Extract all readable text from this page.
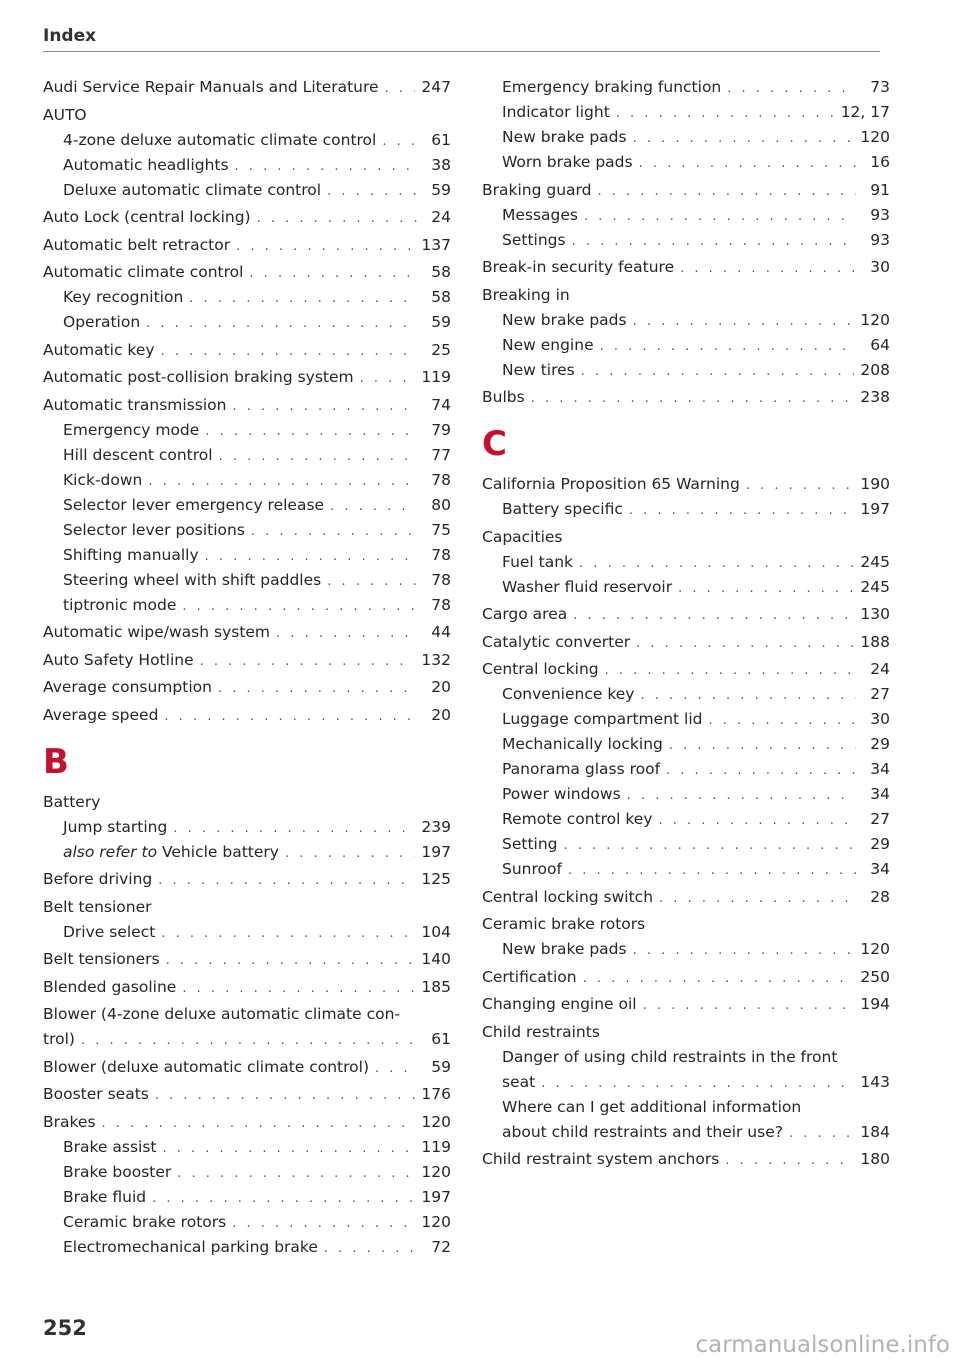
Index
Audi Service Repair Manuals and Literature . . .	247
AUTO
4-zone deluxe automatic climate control . . .	61
Automatic headlights . . .	38
Deluxe automatic climate control . . .	59
Auto Lock (central locking) . . .	24
Automatic belt retractor . . .	137
Automatic climate control . . .	58
Key recognition . . .	58
Operation . . .	59
Automatic key . . .	25
Automatic post-collision braking system . . .	119
Automatic transmission . . .	74
Emergency mode . . .	79
Hill descent control . . .	77
Kick-down . . .	78
Selector lever emergency release . . .	80
Selector lever positions . . .	75
Shifting manually . . .	78
Steering wheel with shift paddles . . .	78
tiptronic mode . . .	78
Automatic wipe/wash system . . .	44
Auto Safety Hotline . . .	132
Average consumption . . .	20
Average speed . . .	20
B
Battery
Jump starting . . .	239
also refer to Vehicle battery . . .	197
Before driving . . .	125
Belt tensioner
Drive select . . .	104
Belt tensioners . . .	140
Blended gasoline . . .	185
Blower (4-zone deluxe automatic climate con-
trol) . . .	61
Blower (deluxe automatic climate control) . . .	59
Booster seats . . .	176
Brakes . . .	120
Brake assist . . .	119
Brake booster . . .	120
Brake fluid . . .	197
Ceramic brake rotors . . .	120
Electromechanical parking brake . . .	72
Emergency braking function . . .	73
Indicator light . . .	12, 17
New brake pads . . .	120
Worn brake pads . . .	16
Braking guard . . .	91
Messages . . .	93
Settings . . .	93
Break-in security feature . . .	30
Breaking in
New brake pads . . .	120
New engine . . .	64
New tires . . .	208
Bulbs . . .	238
C
California Proposition 65 Warning . . .	190
Battery specific . . .	197
Capacities
Fuel tank . . .	245
Washer fluid reservoir . . .	245
Cargo area . . .	130
Catalytic converter . . .	188
Central locking . . .	24
Convenience key . . .	27
Luggage compartment lid . . .	30
Mechanically locking . . .	29
Panorama glass roof . . .	34
Power windows . . .	34
Remote control key . . .	27
Setting . . .	29
Sunroof . . .	34
Central locking switch . . .	28
Ceramic brake rotors
New brake pads . . .	120
Certification . . .	250
Changing engine oil . . .	194
Child restraints
Danger of using child restraints in the front
seat . . .	143
Where can I get additional information
about child restraints and their use? . . .	184
Child restraint system anchors . . .	180
252
carmanualsonline.info
